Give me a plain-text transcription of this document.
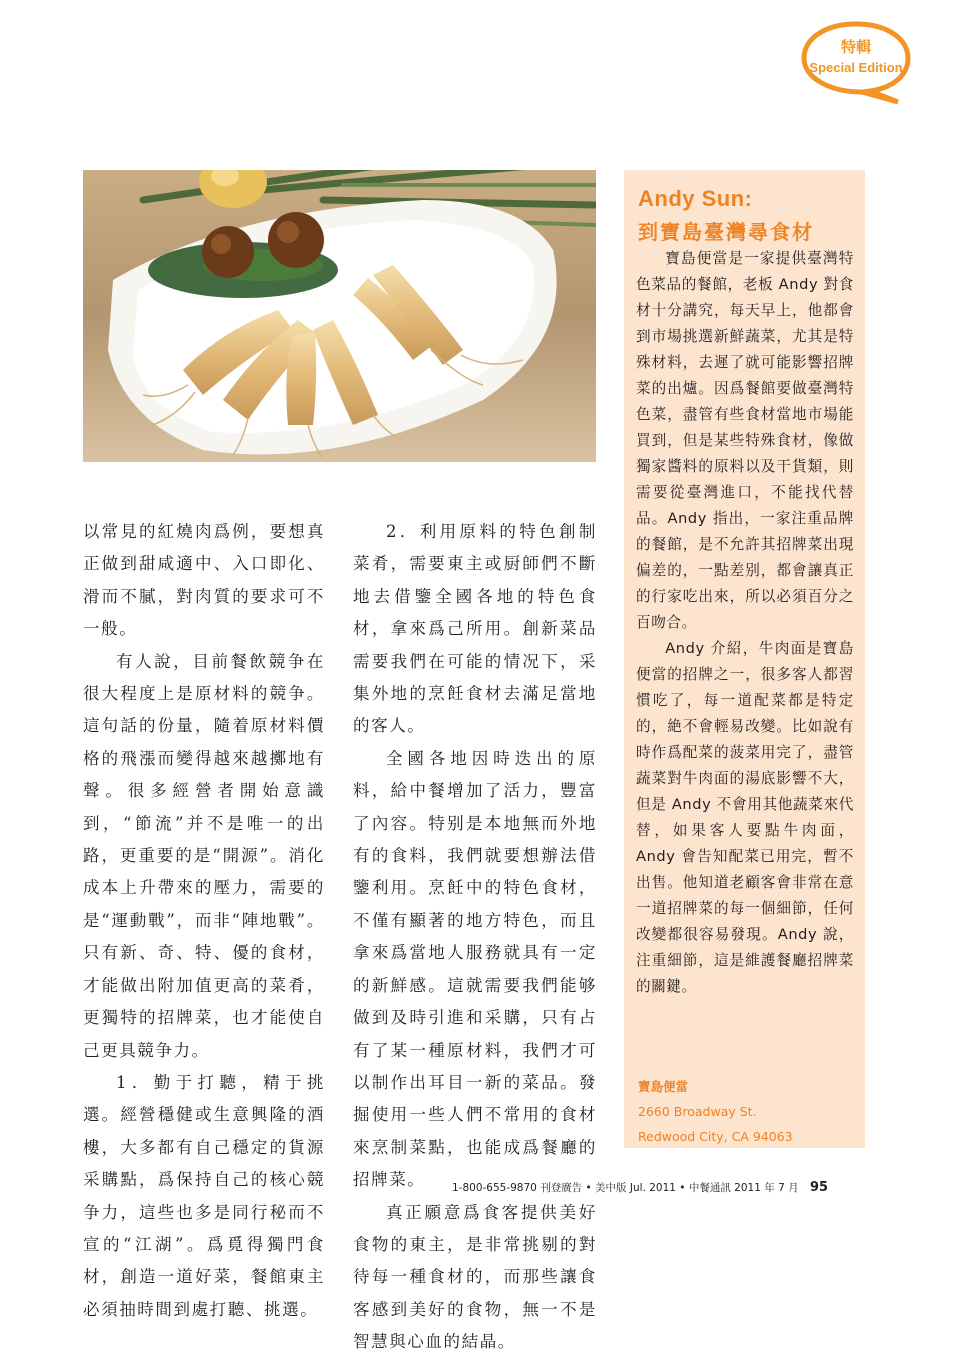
特輯
Special Edition

以常見的紅燒肉爲例，要想真正做到甜咸適中、入口即化、滑而不膩，對肉質的要求可不一般。

有人說，目前餐飲競争在很大程度上是原材料的競争。這句話的份量，隨着原材料價格的飛漲而變得越來越擲地有聲。很多經營者開始意識到，“節流”并不是唯一的出路，更重要的是“開源”。消化成本上升帶來的壓力，需要的是“運動戰”，而非“陣地戰”。只有新、奇、特、優的食材，才能做出附加值更高的菜肴，更獨特的招牌菜，也才能使自己更具競争力。

1．勤于打聽，精于挑選。經營穩健或生意興隆的酒樓，大多都有自己穩定的貨源采購點，爲保持自己的核心競争力，這些也多是同行秘而不宣的“江湖”。爲覓得獨門食材，創造一道好菜，餐館東主必須抽時間到處打聽、挑選。

2．利用原料的特色創制菜肴，需要東主或厨師們不斷地去借鑒全國各地的特色食材，拿來爲己所用。創新菜品需要我們在可能的情况下，采集外地的烹飪食材去滿足當地的客人。

全國各地因時迭出的原料，給中餐增加了活力，豐富了內容。特别是本地無而外地有的食料，我們就要想辦法借鑒利用。烹飪中的特色食材，不僅有顯著的地方特色，而且拿來爲當地人服務就具有一定的新鮮感。這就需要我們能够做到及時引進和采購，只有占有了某一種原材料，我們才可以制作出耳目一新的菜品。發掘使用一些人們不常用的食材來烹制菜點，也能成爲餐廳的招牌菜。

真正願意爲食客提供美好食物的東主，是非常挑剔的對待每一種食材的，而那些讓食客感到美好的食物，無一不是智慧與心血的結晶。

Andy Sun:
到寶島臺灣尋食材

寶島便當是一家提供臺灣特色菜品的餐館，老板 Andy 對食材十分講究，每天早上，他都會到市場挑選新鮮蔬菜，尤其是特殊材料，去遲了就可能影響招牌菜的出爐。因爲餐館要做臺灣特色菜，盡管有些食材當地市場能買到，但是某些特殊食材，像做獨家醬料的原料以及干貨類，則需要從臺灣進口，不能找代替品。Andy 指出，一家注重品牌的餐館，是不允許其招牌菜出現偏差的，一點差别，都會讓真正的行家吃出來，所以必須百分之百吻合。

Andy 介紹，牛肉面是寶島便當的招牌之一，很多客人都習慣吃了，每一道配菜都是特定的，絶不會輕易改變。比如說有時作爲配菜的菠菜用完了，盡管蔬菜對牛肉面的湯底影響不大，但是 Andy 不會用其他蔬菜來代替，如果客人要點牛肉面，Andy 會告知配菜已用完，暫不出售。他知道老顧客會非常在意一道招牌菜的每一個細節，任何改變都很容易發現。Andy 說，注重細節，這是維護餐廳招牌菜的關鍵。

寶島便當
2660 Broadway St.
Redwood City, CA 94063
1-800-655-9870 刊登廣告 • 美中版 Jul. 2011 • 中餐通訊 2011 年 7 月 95
